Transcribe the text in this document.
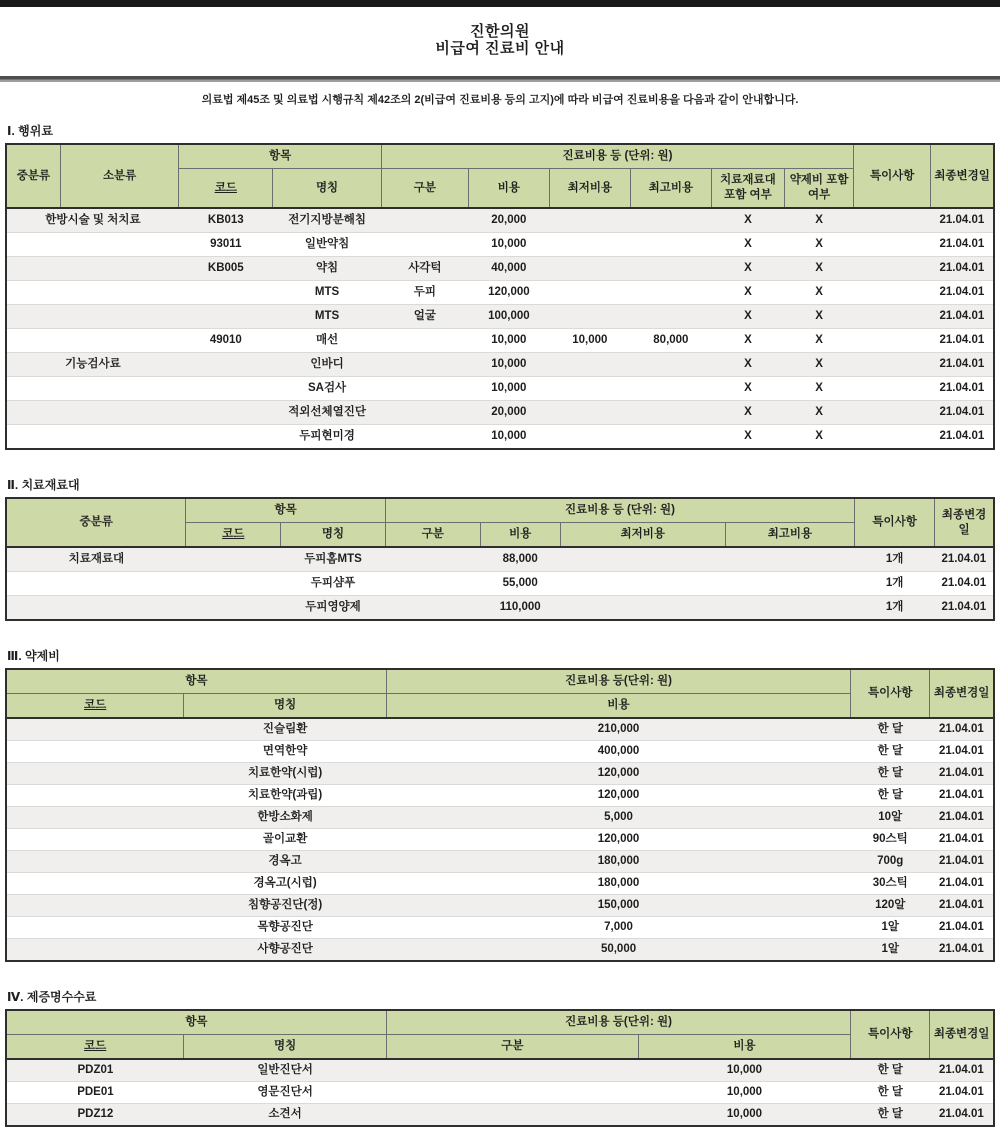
진한의원
비급여 진료비 안내
의료법 제45조 및 의료법 시행규칙 제42조의 2(비급여 진료비용 등의 고지)에 따라 비급여 진료비용을 다음과 같이 안내합니다.
Ⅰ. 행위료
중분류	소분류	항목		진료비용 등 (단위: 원)						특이사항	최종변경일
		코드	명칭	구분	비용	최저비용	최고비용	치료재료대 포함 여부	약제비 포함 여부		
한방시술 및 처치료		KB013	전기지방분해침		20,000			X	X		21.04.01
		93011	일반약침		10,000			X	X		21.04.01
		KB005	약침	사각턱	40,000			X	X		21.04.01
			MTS	두피	120,000			X	X		21.04.01
			MTS	얼굴	100,000			X	X		21.04.01
		49010	매선		10,000	10,000	80,000	X	X		21.04.01
기능검사료			인바디		10,000			X	X		21.04.01
			SA검사		10,000			X	X		21.04.01
			적외선체열진단		20,000			X	X		21.04.01
			두피현미경		10,000			X	X		21.04.01
Ⅱ. 치료재료대
중분류	항목		진료비용 등 (단위: 원)				특이사항	최종변경일
	코드	명칭	구분	비용	최저비용	최고비용		
치료재료대		두피홈MTS		88,000			1개	21.04.01
		두피샴푸		55,000			1개	21.04.01
		두피영양제		110,000			1개	21.04.01
Ⅲ. 약제비
항목		진료비용 등(단위: 원)	특이사항	최종변경일
코드	명칭	비용		
	진슬림환	210,000	한 달	21.04.01
	면역한약	400,000	한 달	21.04.01
	치료한약(시럽)	120,000	한 달	21.04.01
	치료한약(과립)	120,000	한 달	21.04.01
	한방소화제	5,000	10알	21.04.01
	골이교환	120,000	90스틱	21.04.01
	경옥고	180,000	700g	21.04.01
	경옥고(시럽)	180,000	30스틱	21.04.01
	침향공진단(정)	150,000	120알	21.04.01
	목향공진단	7,000	1알	21.04.01
	사향공진단	50,000	1알	21.04.01
Ⅳ. 제증명수수료
항목		진료비용 등(단위: 원)		특이사항	최종변경일
코드	명칭	구분	비용		
PDZ01	일반진단서		10,000	한 달	21.04.01
PDE01	영문진단서		10,000	한 달	21.04.01
PDZ12	소견서		10,000	한 달	21.04.01
